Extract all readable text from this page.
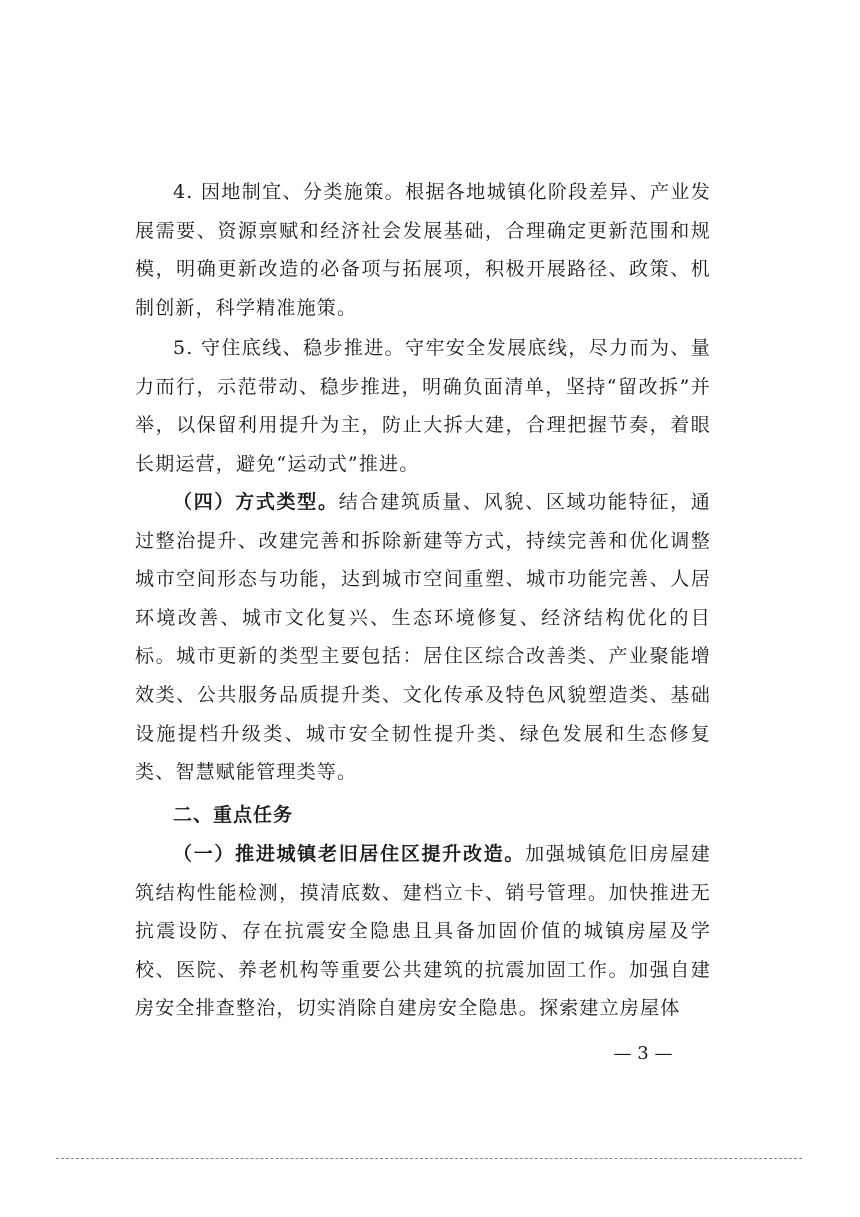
4. 因地制宜、分类施策。根据各地城镇化阶段差异、产业发展需要、资源禀赋和经济社会发展基础，合理确定更新范围和规模，明确更新改造的必备项与拓展项，积极开展路径、政策、机制创新，科学精准施策。

5. 守住底线、稳步推进。守牢安全发展底线，尽力而为、量力而行，示范带动、稳步推进，明确负面清单，坚持“留改拆”并举，以保留利用提升为主，防止大拆大建，合理把握节奏，着眼长期运营，避免“运动式”推进。

（四）方式类型。结合建筑质量、风貌、区域功能特征，通过整治提升、改建完善和拆除新建等方式，持续完善和优化调整城市空间形态与功能，达到城市空间重塑、城市功能完善、人居环境改善、城市文化复兴、生态环境修复、经济结构优化的目标。城市更新的类型主要包括：居住区综合改善类、产业聚能增效类、公共服务品质提升类、文化传承及特色风貌塑造类、基础设施提档升级类、城市安全韧性提升类、绿色发展和生态修复类、智慧赋能管理类等。

二、重点任务

（一）推进城镇老旧居住区提升改造。加强城镇危旧房屋建筑结构性能检测，摸清底数、建档立卡、销号管理。加快推进无抗震设防、存在抗震安全隐患且具备加固价值的城镇房屋及学校、医院、养老机构等重要公共建筑的抗震加固工作。加强自建房安全排查整治，切实消除自建房安全隐患。探索建立房屋体

— 3 —
